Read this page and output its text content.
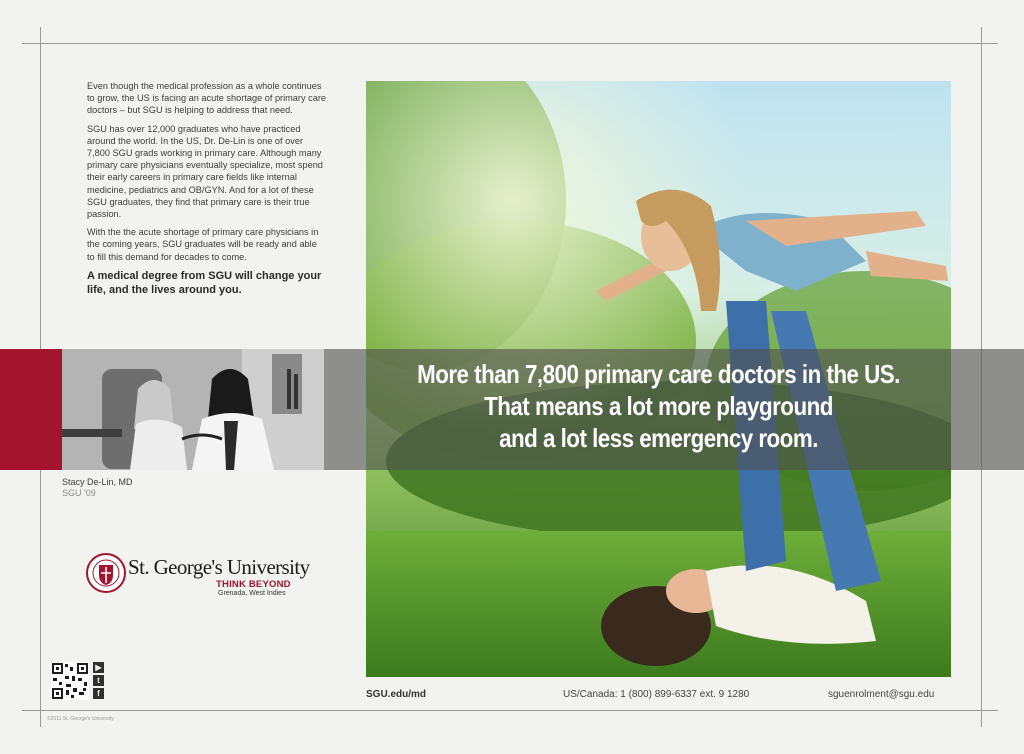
Even though the medical profession as a whole continues to grow, the US is facing an acute shortage of primary care doctors – but SGU is helping to address that need.

SGU has over 12,000 graduates who have practiced around the world. In the US, Dr. De-Lin is one of over 7,800 SGU grads working in primary care. Although many primary care physicians eventually specialize, most spend their early careers in primary care fields like internal medicine, pediatrics and OB/GYN. And for a lot of these SGU graduates, they find that primary care is their true passion.

With the the acute shortage of primary care physicians in the coming years, SGU graduates will be ready and able to fill this demand for decades to come.

A medical degree from SGU will change your life, and the lives around you.

More than 7,800 primary care doctors in the US.
That means a lot more playground
and a lot less emergency room.
Stacy De-Lin, MD
SGU '09
St. George's University
THINK BEYOND
Grenada, West Indies
▶
t
f	SGU.edu/md	US/Canada: 1 (800) 899-6337 ext. 9 1280	sguenrolment@sgu.edu
©2011 St. George's University
